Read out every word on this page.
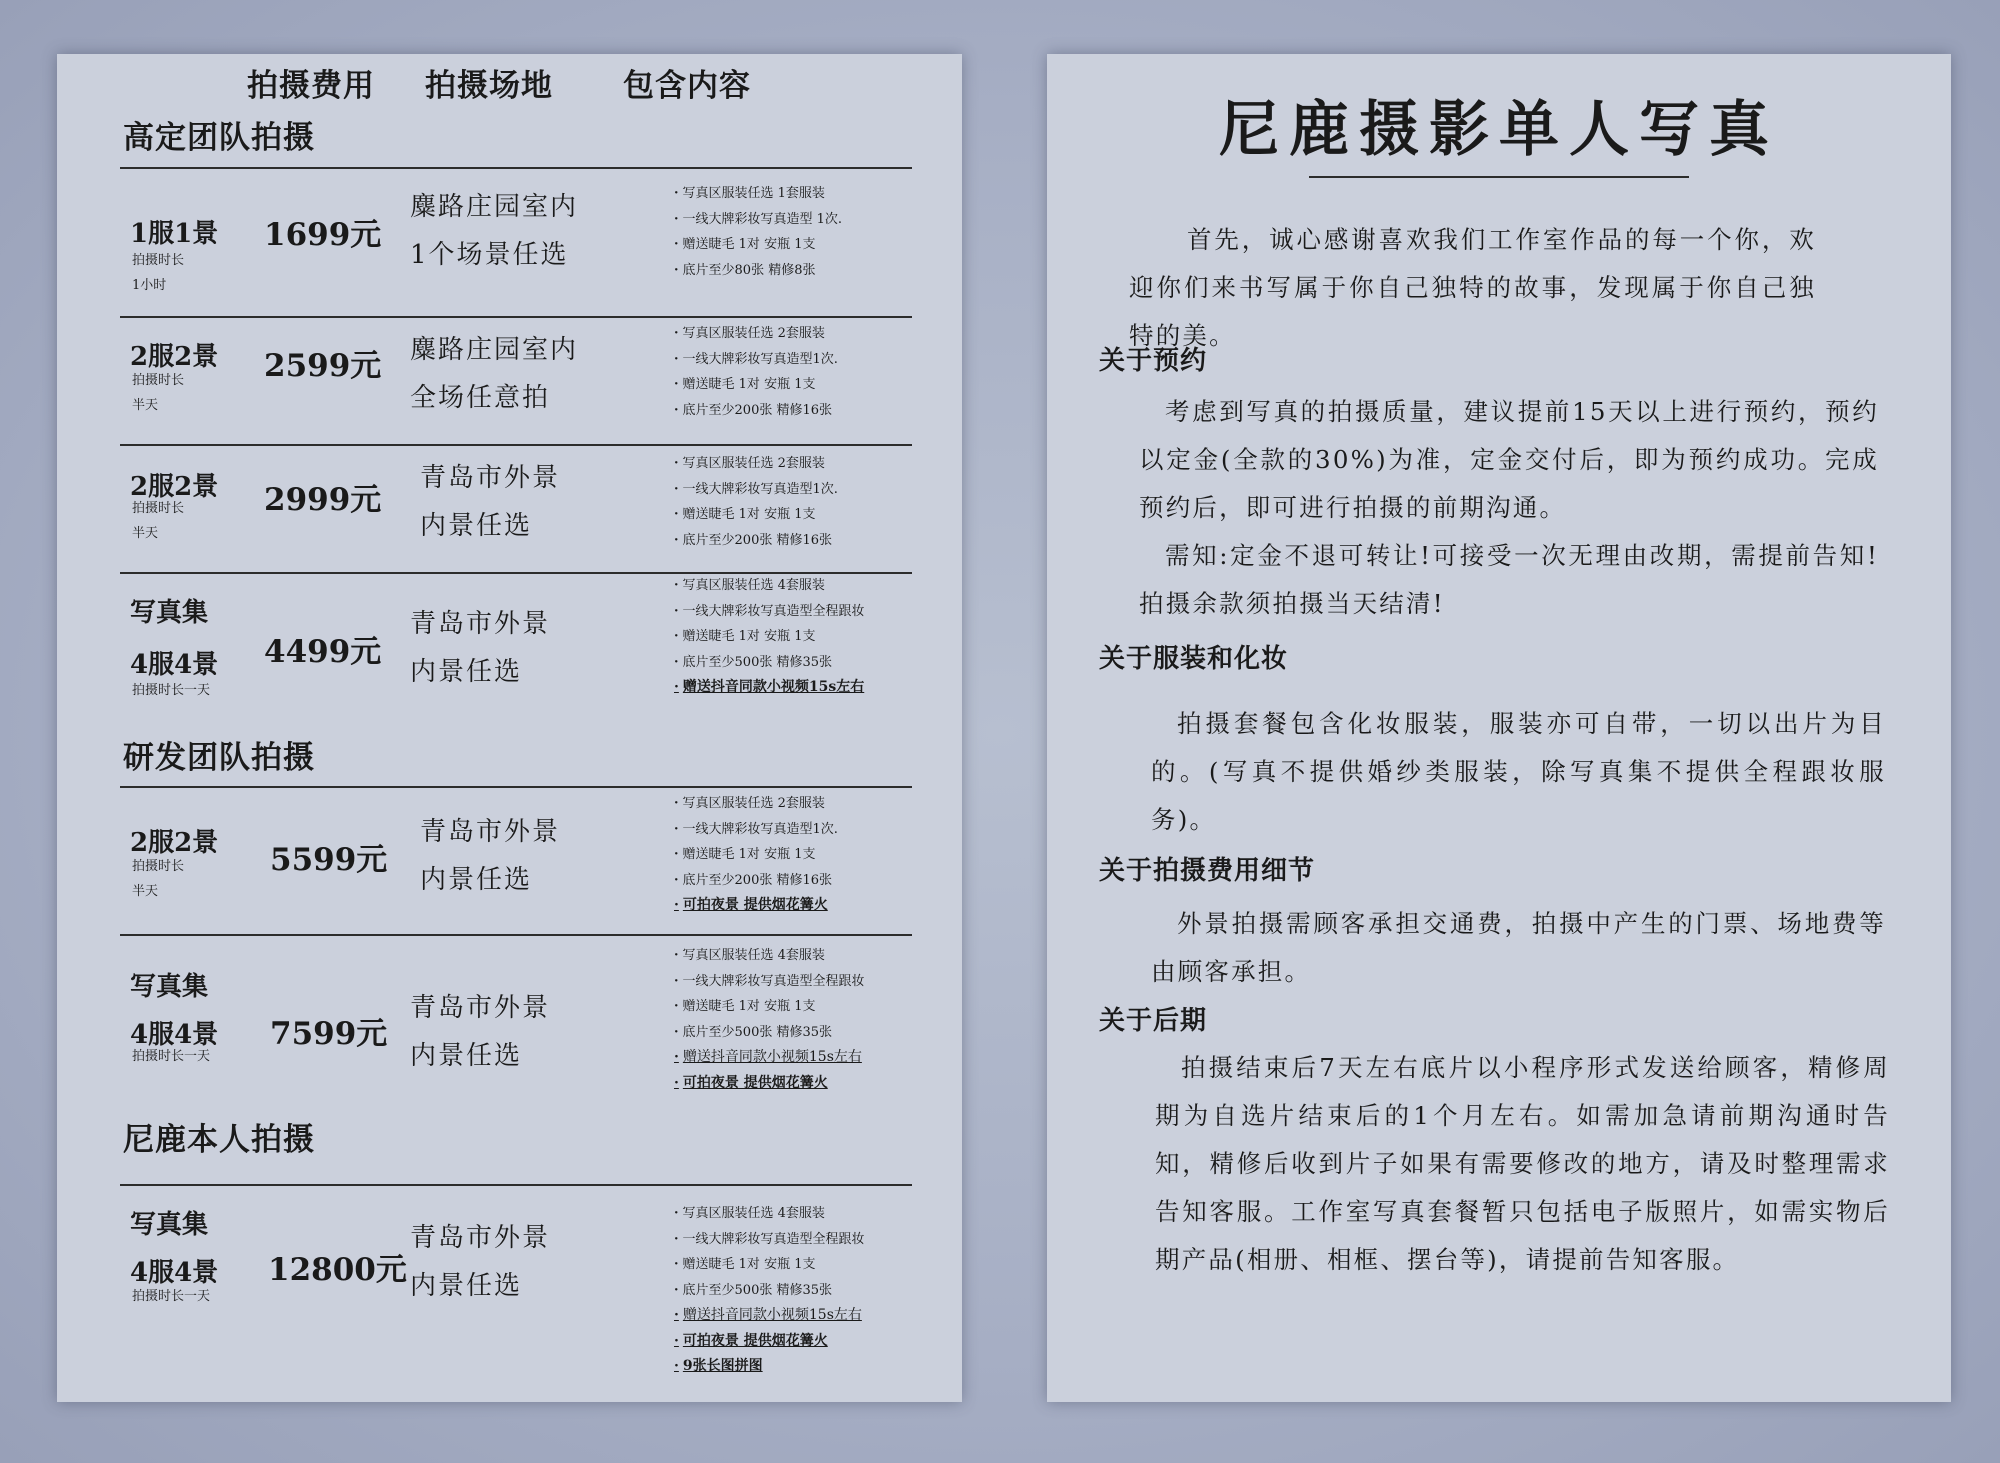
拍摄费用 拍摄场地 包含内容
高定团队拍摄
1服1景
拍摄时长
1小时
1699元
麋路庄园室内
1个场景任选
· 写真区服装任选 1套服装
· 一线大牌彩妆写真造型 1次.
· 赠送睫毛 1对 安瓶 1支
· 底片至少80张 精修8张
2服2景
拍摄时长
半天
2599元 麋路庄园室内
全场任意拍
· 写真区服装任选 2套服装
· 一线大牌彩妆写真造型1次.
· 赠送睫毛 1对 安瓶 1支
· 底片至少200张 精修16张
2服2景
拍摄时长
半天
2999元
青岛市外景
内景任选
· 写真区服装任选 2套服装
· 一线大牌彩妆写真造型1次.
· 赠送睫毛 1对 安瓶 1支
· 底片至少200张 精修16张
写真集
4服4景
拍摄时长一天
4499元
青岛市外景
内景任选
· 写真区服装任选 4套服装
· 一线大牌彩妆写真造型全程跟妆
· 赠送睫毛 1对 安瓶 1支
· 底片至少500张 精修35张
· 赠送抖音同款小视频15s左右
研发团队拍摄
2服2景
拍摄时长
半天
5599元
青岛市外景
内景任选
· 写真区服装任选 2套服装
· 一线大牌彩妆写真造型1次.
· 赠送睫毛 1对 安瓶 1支
· 底片至少200张 精修16张
· 可拍夜景 提供烟花篝火
写真集
4服4景
拍摄时长一天
7599元
青岛市外景
内景任选
· 写真区服装任选 4套服装
· 一线大牌彩妆写真造型全程跟妆
· 赠送睫毛 1对 安瓶 1支
· 底片至少500张 精修35张
· 赠送抖音同款小视频15s左右
· 可拍夜景 提供烟花篝火
尼鹿本人拍摄
写真集
4服4景
拍摄时长一天
12800元
青岛市外景
内景任选
· 写真区服装任选 4套服装
· 一线大牌彩妆写真造型全程跟妆
· 赠送睫毛 1对 安瓶 1支
· 底片至少500张 精修35张
· 赠送抖音同款小视频15s左右
· 可拍夜景 提供烟花篝火
· 9张长图拼图
尼鹿摄影单人写真
首先，诚心感谢喜欢我们工作室作品的每一个你，欢迎你们来书写属于你自己独特的故事，发现属于你自己独特的美。
关于预约
考虑到写真的拍摄质量，建议提前15天以上进行预约，预约以定金(全款的30%)为准，定金交付后，即为预约成功。完成预约后，即可进行拍摄的前期沟通。
需知:定金不退可转让!可接受一次无理由改期，需提前告知!拍摄余款须拍摄当天结清!
关于服装和化妆
拍摄套餐包含化妆服装，服装亦可自带，一切以出片为目的。(写真不提供婚纱类服装，除写真集不提供全程跟妆服务)。
关于拍摄费用细节
外景拍摄需顾客承担交通费，拍摄中产生的门票、场地费等由顾客承担。
关于后期
拍摄结束后7天左右底片以小程序形式发送给顾客，精修周期为自选片结束后的1个月左右。如需加急请前期沟通时告知，精修后收到片子如果有需要修改的地方，请及时整理需求告知客服。工作室写真套餐暂只包括电子版照片，如需实物后期产品(相册、相框、摆台等)，请提前告知客服。
